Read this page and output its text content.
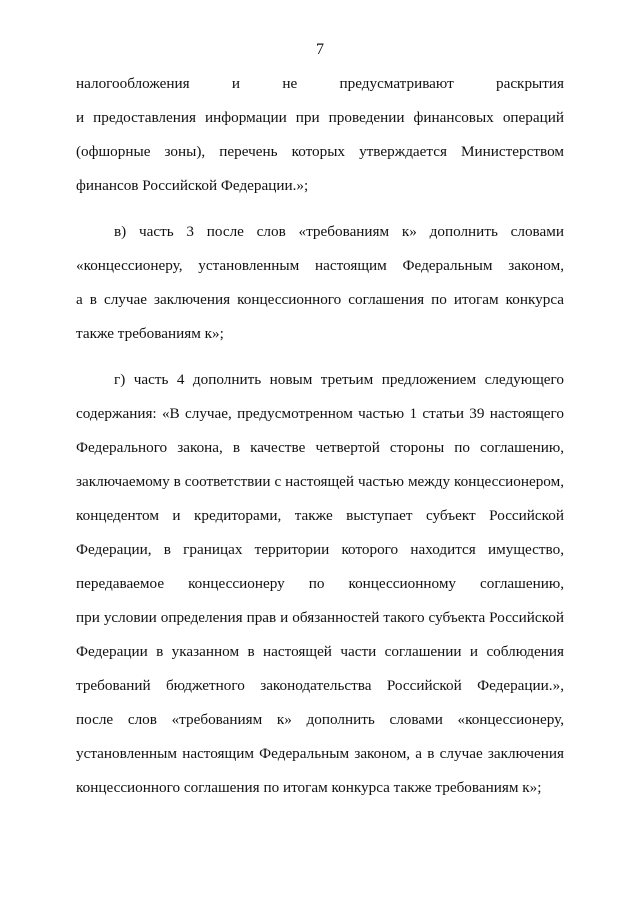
7
налогообложения и не предусматривают раскрытия
и предоставления информации при проведении финансовых операций
(офшорные зоны), перечень которых утверждается Министерством
финансов Российской Федерации.»;
в) часть 3 после слов «требованиям к» дополнить словами
«концессионеру, установленным настоящим Федеральным законом,
а в случае заключения концессионного соглашения по итогам конкурса
также требованиям к»;
г) часть 4 дополнить новым третьим предложением следующего
содержания: «В случае, предусмотренном частью 1 статьи 39 настоящего
Федерального закона, в качестве четвертой стороны по соглашению,
заключаемому в соответствии с настоящей частью между концессионером,
концедентом и кредиторами, также выступает субъект Российской
Федерации, в границах территории которого находится имущество,
передаваемое концессионеру по концессионному соглашению,
при условии определения прав и обязанностей такого субъекта Российской
Федерации в указанном в настоящей части соглашении и соблюдения
требований бюджетного законодательства Российской Федерации.»,
после слов «требованиям к» дополнить словами «концессионеру,
установленным настоящим Федеральным законом, а в случае заключения
концессионного соглашения по итогам конкурса также требованиям к»;
